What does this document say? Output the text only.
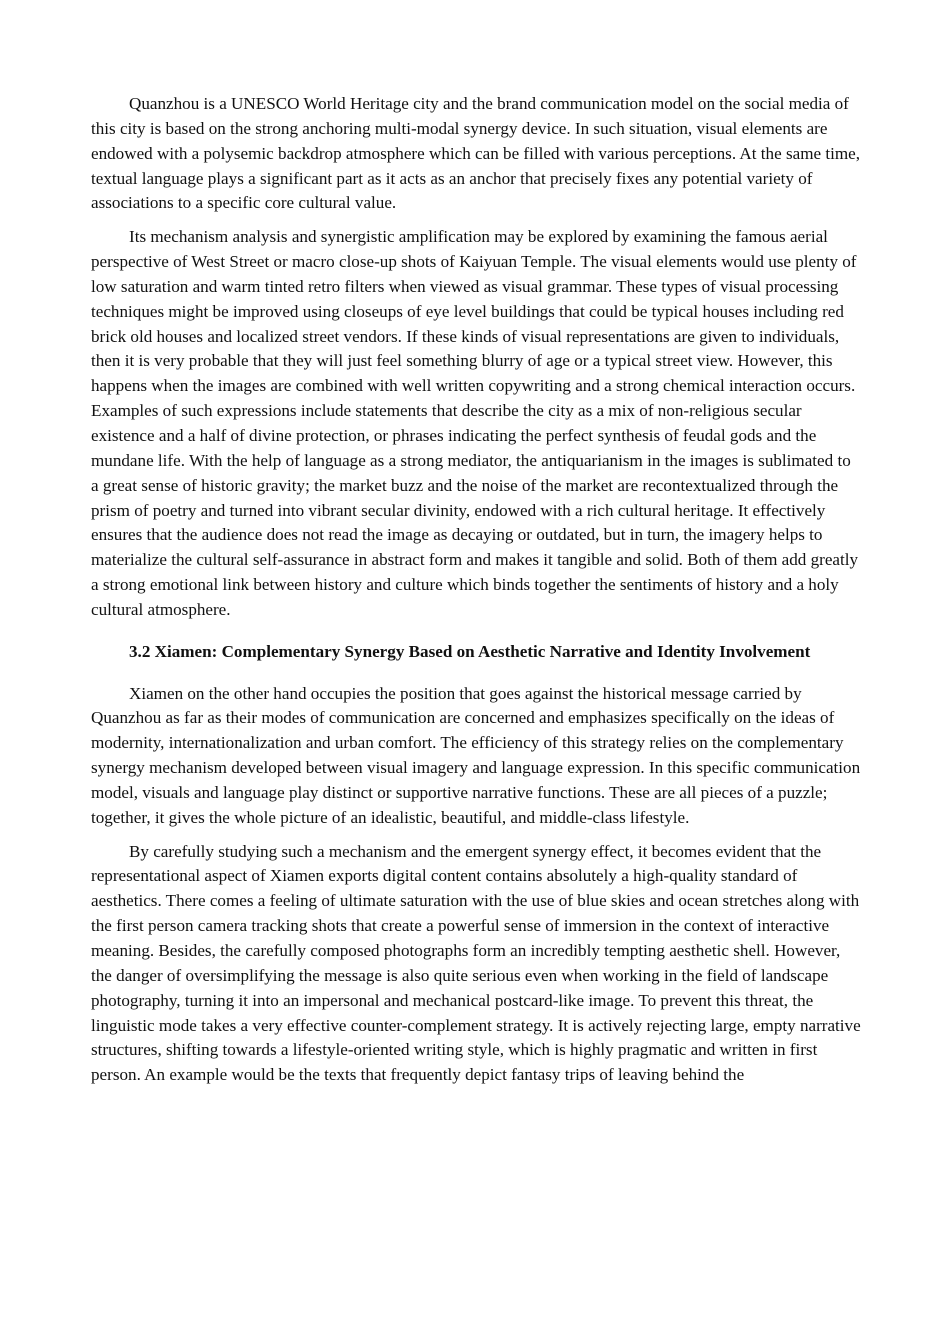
Quanzhou is a UNESCO World Heritage city and the brand communication model on the social media of this city is based on the strong anchoring multi-modal synergy device. In such situation, visual elements are endowed with a polysemic backdrop atmosphere which can be filled with various perceptions. At the same time, textual language plays a significant part as it acts as an anchor that precisely fixes any potential variety of associations to a specific core cultural value.

Its mechanism analysis and synergistic amplification may be explored by examining the famous aerial perspective of West Street or macro close-up shots of Kaiyuan Temple. The visual elements would use plenty of low saturation and warm tinted retro filters when viewed as visual grammar. These types of visual processing techniques might be improved using closeups of eye level buildings that could be typical houses including red brick old houses and localized street vendors. If these kinds of visual representations are given to individuals, then it is very probable that they will just feel something blurry of age or a typical street view. However, this happens when the images are combined with well written copywriting and a strong chemical interaction occurs. Examples of such expressions include statements that describe the city as a mix of non-religious secular existence and a half of divine protection, or phrases indicating the perfect synthesis of feudal gods and the mundane life. With the help of language as a strong mediator, the antiquarianism in the images is sublimated to a great sense of historic gravity; the market buzz and the noise of the market are recontextualized through the prism of poetry and turned into vibrant secular divinity, endowed with a rich cultural heritage. It effectively ensures that the audience does not read the image as decaying or outdated, but in turn, the imagery helps to materialize the cultural self-assurance in abstract form and makes it tangible and solid. Both of them add greatly a strong emotional link between history and culture which binds together the sentiments of history and a holy cultural atmosphere.

3.2 Xiamen: Complementary Synergy Based on Aesthetic Narrative and Identity Involvement

Xiamen on the other hand occupies the position that goes against the historical message carried by Quanzhou as far as their modes of communication are concerned and emphasizes specifically on the ideas of modernity, internationalization and urban comfort. The efficiency of this strategy relies on the complementary synergy mechanism developed between visual imagery and language expression. In this specific communication model, visuals and language play distinct or supportive narrative functions. These are all pieces of a puzzle; together, it gives the whole picture of an idealistic, beautiful, and middle-class lifestyle.

By carefully studying such a mechanism and the emergent synergy effect, it becomes evident that the representational aspect of Xiamen exports digital content contains absolutely a high-quality standard of aesthetics. There comes a feeling of ultimate saturation with the use of blue skies and ocean stretches along with the first person camera tracking shots that create a powerful sense of immersion in the context of interactive meaning. Besides, the carefully composed photographs form an incredibly tempting aesthetic shell. However, the danger of oversimplifying the message is also quite serious even when working in the field of landscape photography, turning it into an impersonal and mechanical postcard-like image. To prevent this threat, the linguistic mode takes a very effective counter-complement strategy. It is actively rejecting large, empty narrative structures, shifting towards a lifestyle-oriented writing style, which is highly pragmatic and written in first person. An example would be the texts that frequently depict fantasy trips of leaving behind the
